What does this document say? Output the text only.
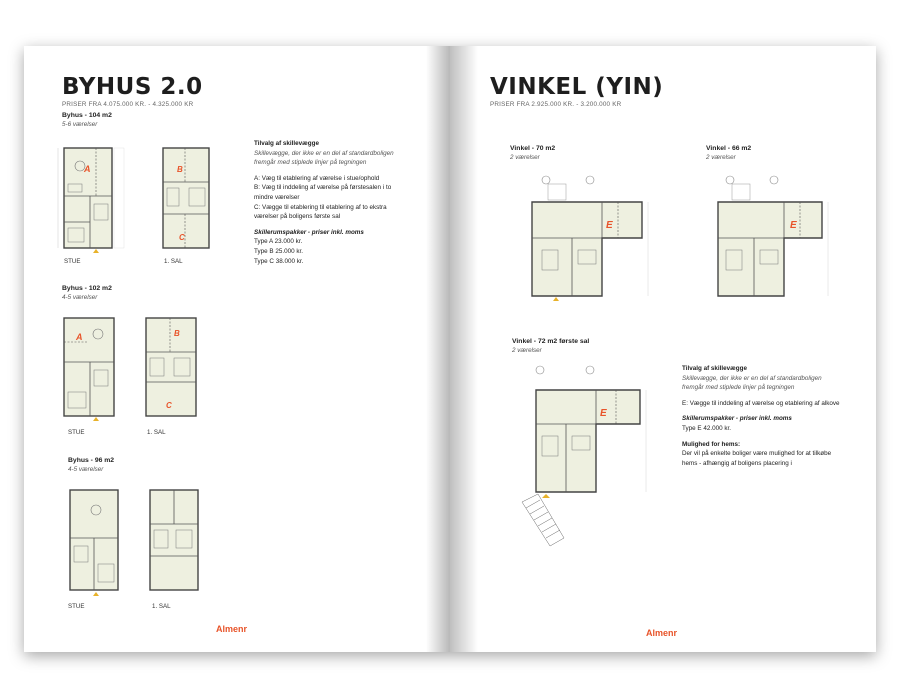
BYHUS 2.0
PRISER FRA 4.075.000 KR. - 4.325.000 KR
Byhus - 104 m2
5-6 værelser
A
STUE
B
C
1. SAL

Tilvalg af skillevægge

Skillevægge, der ikke er en del af standardboligen fremgår med stiplede linjer på tegningen

A: Væg til etablering af værelse i stue/ophold

B: Væg til inddeling af værelse på førstesalen i to mindre værelser

C: Vægge til etablering til etablering af to ekstra værelser på boligens første sal

Skillerumspakker - priser inkl. moms

Type A 23.000 kr.

Type B 25.000 kr.

Type C 38.000 kr.

Byhus - 102 m2
4-5 værelser
A
STUE
B
C
1. SAL
Byhus - 96 m2
4-5 værelser
STUE	1. SAL
Almenr
VINKEL (YIN)
PRISER FRA 2.925.000 KR. - 3.200.000 KR
Vinkel - 70 m2
2 værelser
E
Vinkel - 66 m2
2 værelser
E
Vinkel - 72 m2 første sal
2 værelser
E

Tilvalg af skillevægge

Skillevægge, der ikke er en del af standardboligen fremgår med stiplede linjer på tegningen

E: Vægge til inddeling af værelse og etablering af alkove

Skillerumspakker - priser inkl. moms

Type E 42.000 kr.

Mulighed for hems:

Der vil på enkelte boliger være mulighed for at tilkøbe hems - afhængig af boligens placering i

Almenr
